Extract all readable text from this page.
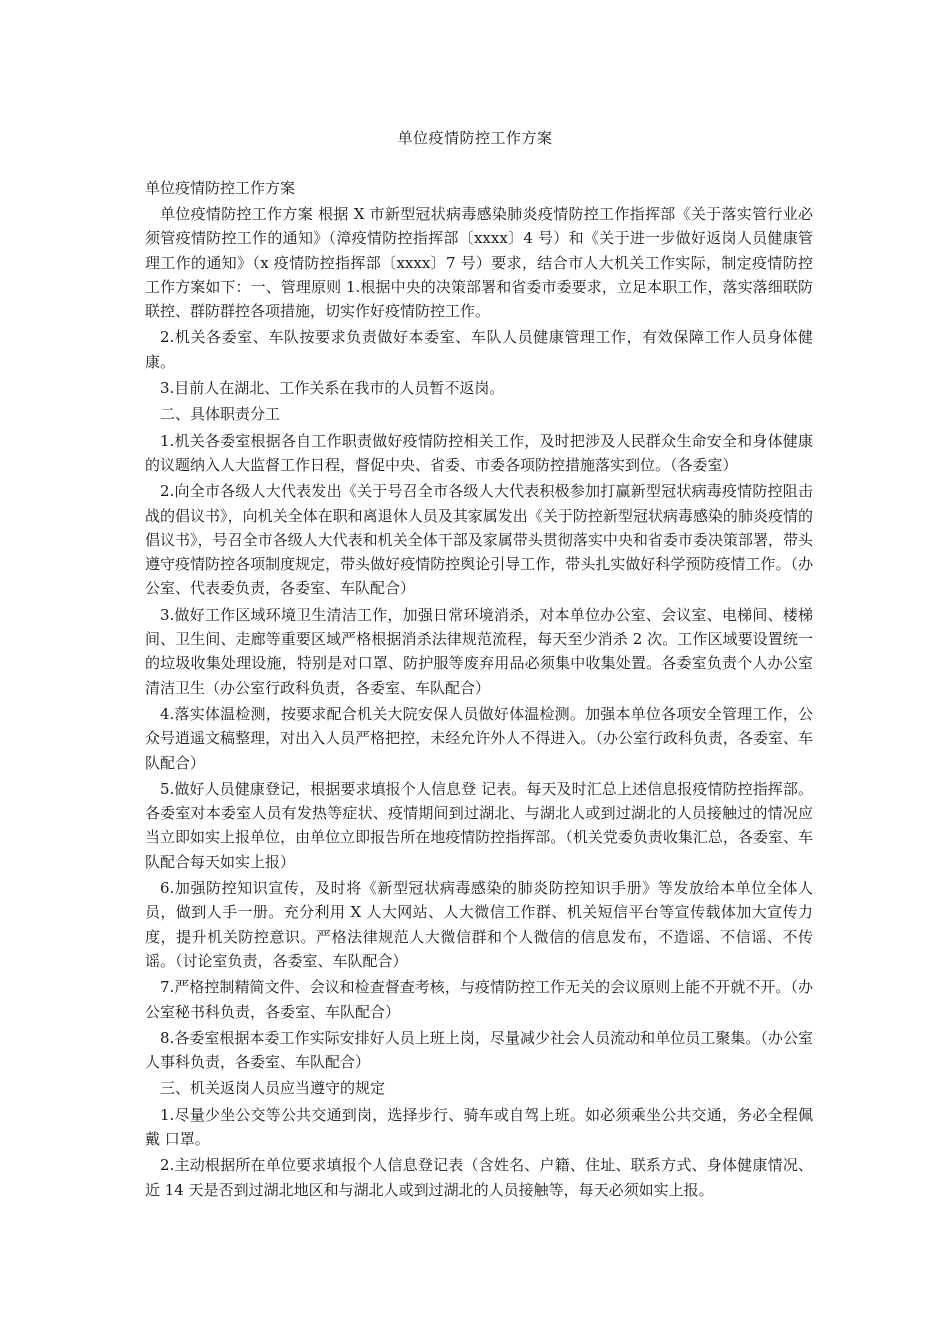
单位疫情防控工作方案
单位疫情防控工作方案

单位疫情防控工作方案 根据 X 市新型冠状病毒感染肺炎疫情防控工作指挥部《关于落实管行业必须管疫情防控工作的通知》（漳疫情防控指挥部〔xxxx〕4 号）和《关于进一步做好返岗人员健康管理工作的通知》（x 疫情防控指挥部〔xxxx〕7 号）要求，结合市人大机关工作实际，制定疫情防控工作方案如下：一、管理原则 1.根据中央的决策部署和省委市委要求，立足本职工作，落实落细联防联控、群防群控各项措施，切实作好疫情防控工作。

2.机关各委室、车队按要求负责做好本委室、车队人员健康管理工作，有效保障工作人员身体健康。

3.目前人在湖北、工作关系在我市的人员暂不返岗。

二、具体职责分工

1.机关各委室根据各自工作职责做好疫情防控相关工作，及时把涉及人民群众生命安全和身体健康的议题纳入人大监督工作日程，督促中央、省委、市委各项防控措施落实到位。（各委室）

2.向全市各级人大代表发出《关于号召全市各级人大代表积极参加打赢新型冠状病毒疫情防控阻击战的倡议书》，向机关全体在职和离退休人员及其家属发出《关于防控新型冠状病毒感染的肺炎疫情的倡议书》，号召全市各级人大代表和机关全体干部及家属带头贯彻落实中央和省委市委决策部署，带头遵守疫情防控各项制度规定，带头做好疫情防控舆论引导工作，带头扎实做好科学预防疫情工作。（办公室、代表委负责，各委室、车队配合）

3.做好工作区域环境卫生清洁工作，加强日常环境消杀，对本单位办公室、会议室、电梯间、楼梯间、卫生间、走廊等重要区域严格根据消杀法律规范流程，每天至少消杀 2 次。工作区域要设置统一的垃圾收集处理设施，特别是对口罩、防护服等废弃用品必须集中收集处置。各委室负责个人办公室清洁卫生（办公室行政科负责，各委室、车队配合）

4.落实体温检测，按要求配合机关大院安保人员做好体温检测。加强本单位各项安全管理工作，公众号逍遥文稿整理，对出入人员严格把控，未经允许外人不得进入。（办公室行政科负责，各委室、车队配合）

5.做好人员健康登记，根据要求填报个人信息登 记表。每天及时汇总上述信息报疫情防控指挥部。各委室对本委室人员有发热等症状、疫情期间到过湖北、与湖北人或到过湖北的人员接触过的情况应当立即如实上报单位，由单位立即报告所在地疫情防控指挥部。（机关党委负责收集汇总，各委室、车队配合每天如实上报）

6.加强防控知识宣传，及时将《新型冠状病毒感染的肺炎防控知识手册》等发放给本单位全体人员，做到人手一册。充分利用 X 人大网站、人大微信工作群、机关短信平台等宣传载体加大宣传力度，提升机关防控意识。严格法律规范人大微信群和个人微信的信息发布，不造谣、不信谣、不传谣。（讨论室负责，各委室、车队配合）

7.严格控制精简文件、会议和检查督查考核，与疫情防控工作无关的会议原则上能不开就不开。（办公室秘书科负责，各委室、车队配合）

8.各委室根据本委工作实际安排好人员上班上岗，尽量减少社会人员流动和单位员工聚集。（办公室人事科负责，各委室、车队配合）

三、机关返岗人员应当遵守的规定

1.尽量少坐公交等公共交通到岗，选择步行、骑车或自驾上班。如必须乘坐公共交通，务必全程佩戴 口罩。

2.主动根据所在单位要求填报个人信息登记表（含姓名、户籍、住址、联系方式、身体健康情况、近 14 天是否到过湖北地区和与湖北人或到过湖北的人员接触等，每天必须如实上报。
